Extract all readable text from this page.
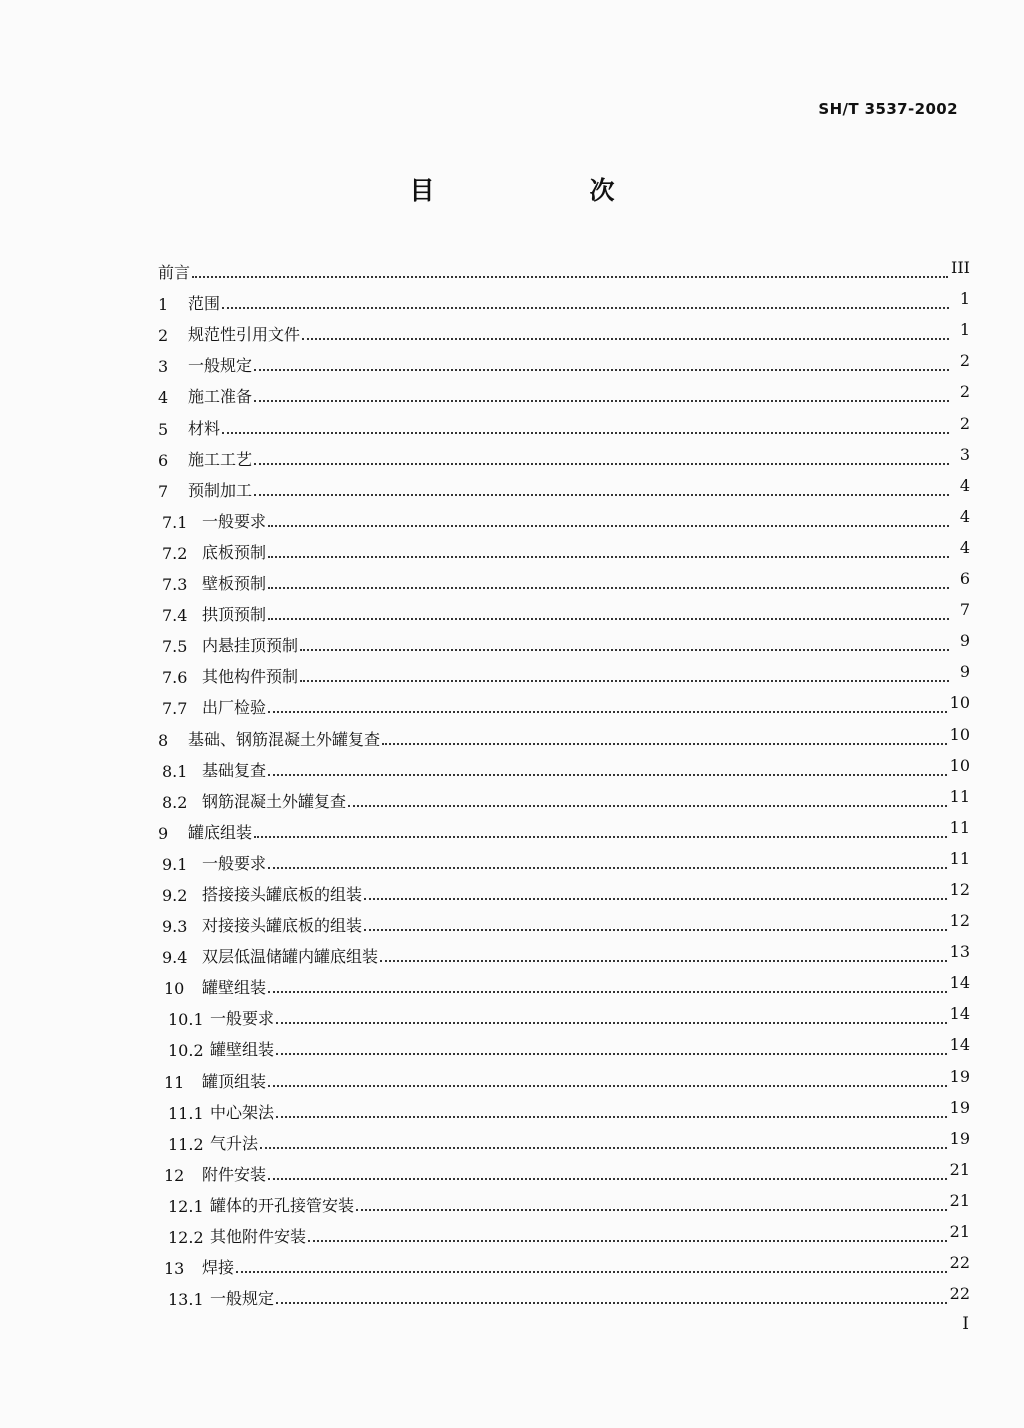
SH/T 3537-2002
目	次
前言	III
1	范围	1
2	规范性引用文件	1
3	一般规定	2
4	施工准备	2
5	材料	2
6	施工工艺	3
7	预制加工	4
7.1 一般要求	4
7.2 底板预制	4
7.3 壁板预制	6
7.4 拱顶预制	7
7.5 内悬挂顶预制	9
7.6 其他构件预制	9
7.7 出厂检验	10
8	基础、钢筋混凝土外罐复查	10
8.1 基础复查	10
8.2 钢筋混凝土外罐复查	11
9	罐底组装	11
9.1 一般要求	11
9.2 搭接接头罐底板的组装	12
9.3 对接接头罐底板的组装	12
9.4 双层低温储罐内罐底组装	13
10	罐壁组装	14
10.1 一般要求	14
10.2 罐壁组装	14
11	罐顶组装	19
11.1 中心架法	19
11.2 气升法	19
12	附件安装	21
12.1 罐体的开孔接管安装	21
12.2 其他附件安装	21
13	焊接	22
13.1 一般规定	22
I
